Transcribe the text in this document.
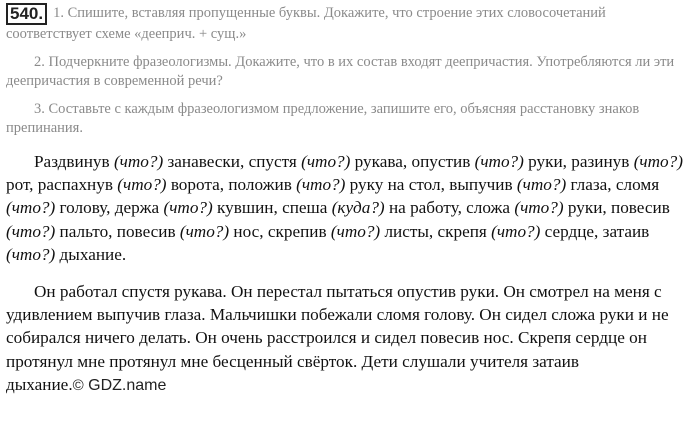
540. 1. Спишите, вставляя пропущенные буквы. Докажите, что строение этих словосочетаний соответствует схеме «дееприч. + сущ.»

2. Подчеркните фразеологизмы. Докажите, что в их состав входят деепричастия. Употребляются ли эти деепричастия в современной речи?

3. Составьте с каждым фразеологизмом предложение, запишите его, объясняя расстановку знаков препинания.

Раздвинув (что?) занавески, спустя (что?) рукава, опустив (что?) руки, разинув (что?) рот, распахнув (что?) ворота, положив (что?) руку на стол, выпучив (что?) глаза, сломя (что?) голову, держа (что?) кувшин, спеша (куда?) на работу, сложа (что?) руки, повесив (что?) пальто, повесив (что?) нос, скрепив (что?) листы, скрепя (что?) сердце, затаив (что?) дыхание.

Он работал спустя рукава. Он перестал пытаться опустив руки. Он смотрел на меня с удивлением выпучив глаза. Мальчишки побежали сломя голову. Он сидел сложа руки и не собирался ничего делать. Он очень расстроился и сидел повесив нос. Скрепя сердце он протянул мне протянул мне бесценный свёрток. Дети слушали учителя затаив дыхание.© GDZ.name
